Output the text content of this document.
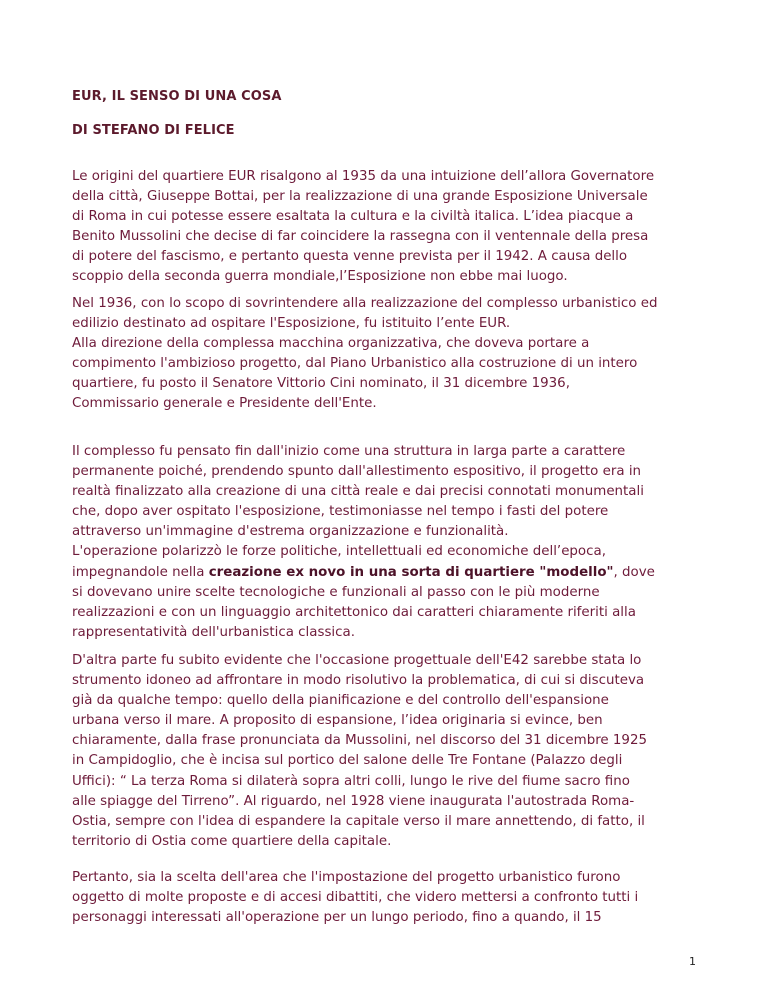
EUR, IL SENSO DI UNA COSA

DI STEFANO DI FELICE

Le origini del quartiere EUR risalgono al 1935 da una intuizione dell’allora Governatore
della città, Giuseppe Bottai, per la realizzazione di una grande Esposizione Universale
di Roma in cui potesse essere esaltata la cultura e la civiltà italica. L’idea piacque a
Benito Mussolini che decise di far coincidere la rassegna con il ventennale della presa
di potere del fascismo, e pertanto questa venne prevista per il 1942. A causa dello
scoppio della seconda guerra mondiale,l’Esposizione non ebbe mai luogo.

Nel 1936, con lo scopo di sovrintendere alla realizzazione del complesso urbanistico ed
edilizio destinato ad ospitare l'Esposizione, fu istituito l’ente EUR.
Alla direzione della complessa macchina organizzativa, che doveva portare a
compimento l'ambizioso progetto, dal Piano Urbanistico alla costruzione di un intero
quartiere, fu posto il Senatore Vittorio Cini nominato, il 31 dicembre 1936,
Commissario generale e Presidente dell'Ente.

Il complesso fu pensato fin dall'inizio come una struttura in larga parte a carattere
permanente poiché, prendendo spunto dall'allestimento espositivo, il progetto era in
realtà finalizzato alla creazione di una città reale e dai precisi connotati monumentali
che, dopo aver ospitato l'esposizione, testimoniasse nel tempo i fasti del potere
attraverso un'immagine d'estrema organizzazione e funzionalità.
L'operazione polarizzò le forze politiche, intellettuali ed economiche dell’epoca,
impegnandole nella creazione ex novo in una sorta di quartiere "modello", dove
si dovevano unire scelte tecnologiche e funzionali al passo con le più moderne
realizzazioni e con un linguaggio architettonico dai caratteri chiaramente riferiti alla
rappresentatività dell'urbanistica classica.

D'altra parte fu subito evidente che l'occasione progettuale dell'E42 sarebbe stata lo
strumento idoneo ad affrontare in modo risolutivo la problematica, di cui si discuteva
già da qualche tempo: quello della pianificazione e del controllo dell'espansione
urbana verso il mare. A proposito di espansione, l’idea originaria si evince, ben
chiaramente, dalla frase pronunciata da Mussolini, nel discorso del 31 dicembre 1925
in Campidoglio, che è incisa sul portico del salone delle Tre Fontane (Palazzo degli
Uffici): “ La terza Roma si dilaterà sopra altri colli, lungo le rive del fiume sacro fino
alle spiagge del Tirreno”. Al riguardo, nel 1928 viene inaugurata l'autostrada Roma-
Ostia, sempre con l'idea di espandere la capitale verso il mare annettendo, di fatto, il
territorio di Ostia come quartiere della capitale.

Pertanto, sia la scelta dell'area che l'impostazione del progetto urbanistico furono
oggetto di molte proposte e di accesi dibattiti, che videro mettersi a confronto tutti i
personaggi interessati all'operazione per un lungo periodo, fino a quando, il 15

1
